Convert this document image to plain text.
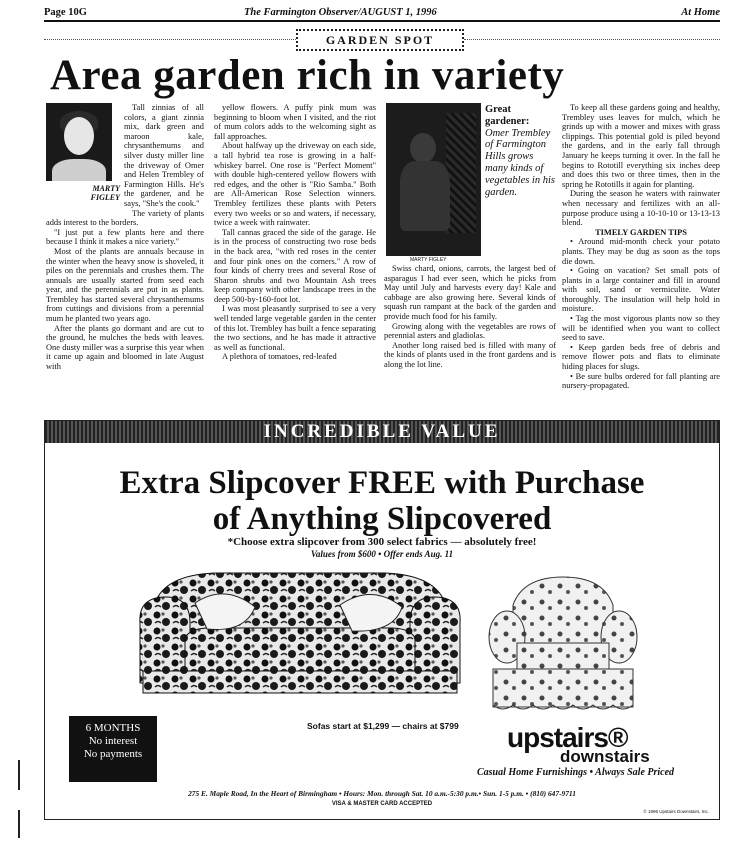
Page 10G	The Farmington Observer/AUGUST 1, 1996	At Home
GARDEN SPOT
Area garden rich in variety
MARTY FIGLEY

Tall zinnias of all colors, a giant zinnia mix, dark green and maroon kale, chrysanthemums and silver dusty miller line the driveway of Omer and Helen Trembley of Farmington Hills. He's the gardener, and he says, "She's the cook."

The variety of plants adds interest to the borders.

"I just put a few plants here and there because I think it makes a nice variety."

Most of the plants are annuals because in the winter when the heavy snow is shoveled, it piles on the perennials and crushes them. The annuals are usually started from seed each year, and the perennials are put in as plants. Trembley has started several chrysanthemums from cuttings and divisions from a perennial mum he planted two years ago.

After the plants go dormant and are cut to the ground, he mulches the beds with leaves. One dusty miller was a surprise this year when it came up again and bloomed in late August with

yellow flowers. A puffy pink mum was beginning to bloom when I visited, and the riot of mum colors adds to the welcoming sight as fall approaches.

About halfway up the driveway on each side, a tall hybrid tea rose is growing in a half-whiskey barrel. One rose is "Perfect Moment" with double high-centered yellow flowers with red edges, and the other is "Rio Samba." Both are All-American Rose Selection winners. Trembley fertilizes these plants with Peters every two weeks or so and waters, if necessary, twice a week with rainwater.

Tall cannas graced the side of the garage. He is in the process of constructing two rose beds in the back area, "with red roses in the center and four pink ones on the corners." A row of four kinds of cherry trees and several Rose of Sharon shrubs and two Mountain Ash trees keep company with other landscape trees in the deep 500-by-160-foot lot.

I was most pleasantly surprised to see a very well tended large vegetable garden in the center of this lot. Trembley has built a fence separating the two sections, and he has made it attractive as well as functional.

A plethora of tomatoes, red-leafed

MARTY FIGLEY
Great gardener:
Omer Trembley of Farmington Hills grows many kinds of vegetables in his garden.

Swiss chard, onions, carrots, the largest bed of asparagus I had ever seen, which he picks from May until July and harvests every day! Kale and cabbage are also growing here. Several kinds of squash run rampant at the back of the garden and provide much food for his family.

Growing along with the vegetables are rows of perennial asters and gladiolas.

Another long raised bed is filled with many of the kinds of plants used in the front gardens and is along the lot line.

To keep all these gardens going and healthy, Trembley uses leaves for mulch, which he grinds up with a mower and mixes with grass clippings. This potential gold is piled beyond the gardens, and in the early fall through January he keeps turning it over. In the fall he begins to Rototill everything six inches deep and does this two or three times, then in the spring he Rototills it again for planting.

During the season he waters with rainwater when necessary and fertilizes with an all-purpose produce using a 10-10-10 or 13-13-13 blend.

TIMELY GARDEN TIPS

• Around mid-month check your potato plants. They may be dug as soon as the tops die down.

• Going on vacation? Set small pots of plants in a large container and fill in around with soil, sand or vermiculite. Water thoroughly. The insulation will help hold in moisture.

• Tag the most vigorous plants now so they will be identified when you want to collect seed to save.

• Keep garden beds free of debris and remove flower pots and flats to eliminate hiding places for slugs.

• Be sure bulbs ordered for fall planting are nursery-propagated.

INCREDIBLE VALUE
Extra Slipcover FREE with Purchase
of Anything Slipcovered
*Choose extra slipcover from 300 select fabrics — absolutely free!
Values from $600 • Offer ends Aug. 11
Sofas start at $1,299 — chairs at $799
6 MONTHS
No interest
No payments
upstairs®
downstairs
Casual Home Furnishings • Always Sale Priced
275 E. Maple Road, In the Heart of Birmingham • Hours: Mon. through Sat. 10 a.m.-5:30 p.m.• Sun. 1-5 p.m. • (810) 647-9711
VISA & MASTER CARD ACCEPTED
© 1996 Upstairs Downstairs, Inc.
